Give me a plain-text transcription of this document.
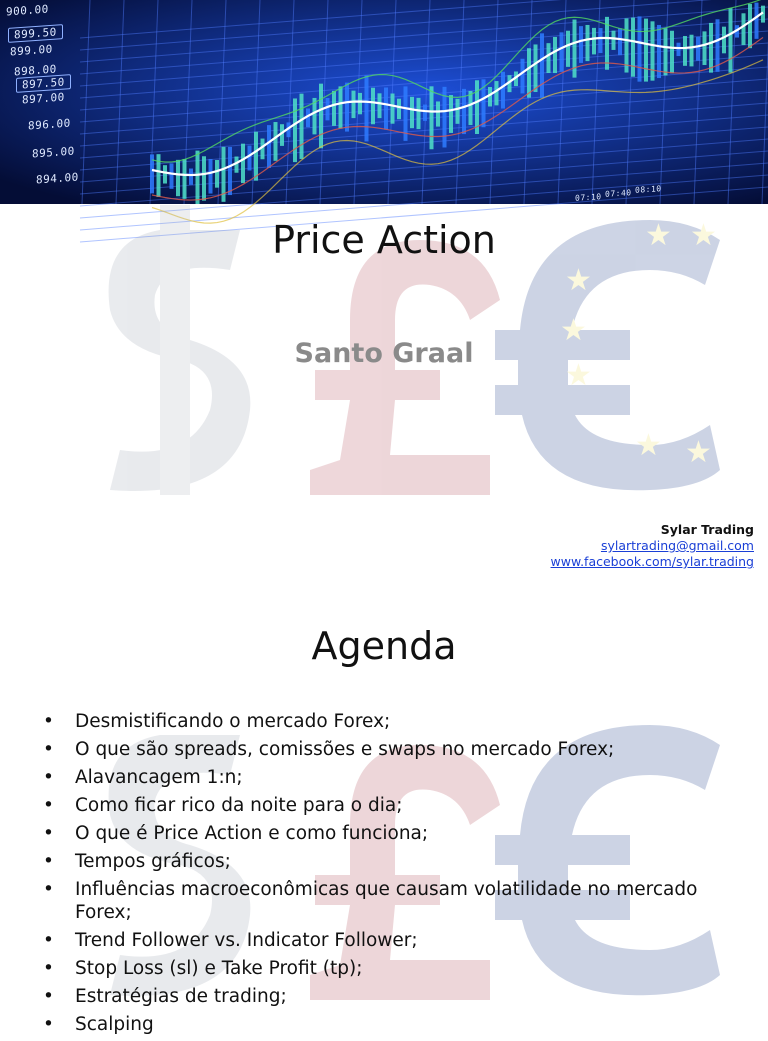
900.00
899.50
899.00
898.00
897.50
897.00
896.00
895.00
894.00
07:10 07:40 08:10
★ ★
★
★
★
★ ★
Price Action
Santo Graal
Sylar Trading
sylartrading@gmail.com
www.facebook.com/sylar.trading
Agenda
• Desmistificando o mercado Forex;
• O que são spreads, comissões e swaps no mercado Forex;
• Alavancagem 1:n;
• Como ficar rico da noite para o dia;
• O que é Price Action e como funciona;
• Tempos gráficos;
• Influências macroeconômicas que causam volatilidade no mercado Forex;
• Trend Follower vs. Indicator Follower;
• Stop Loss (sl) e Take Profit (tp);
• Estratégias de trading;
• Scalping
